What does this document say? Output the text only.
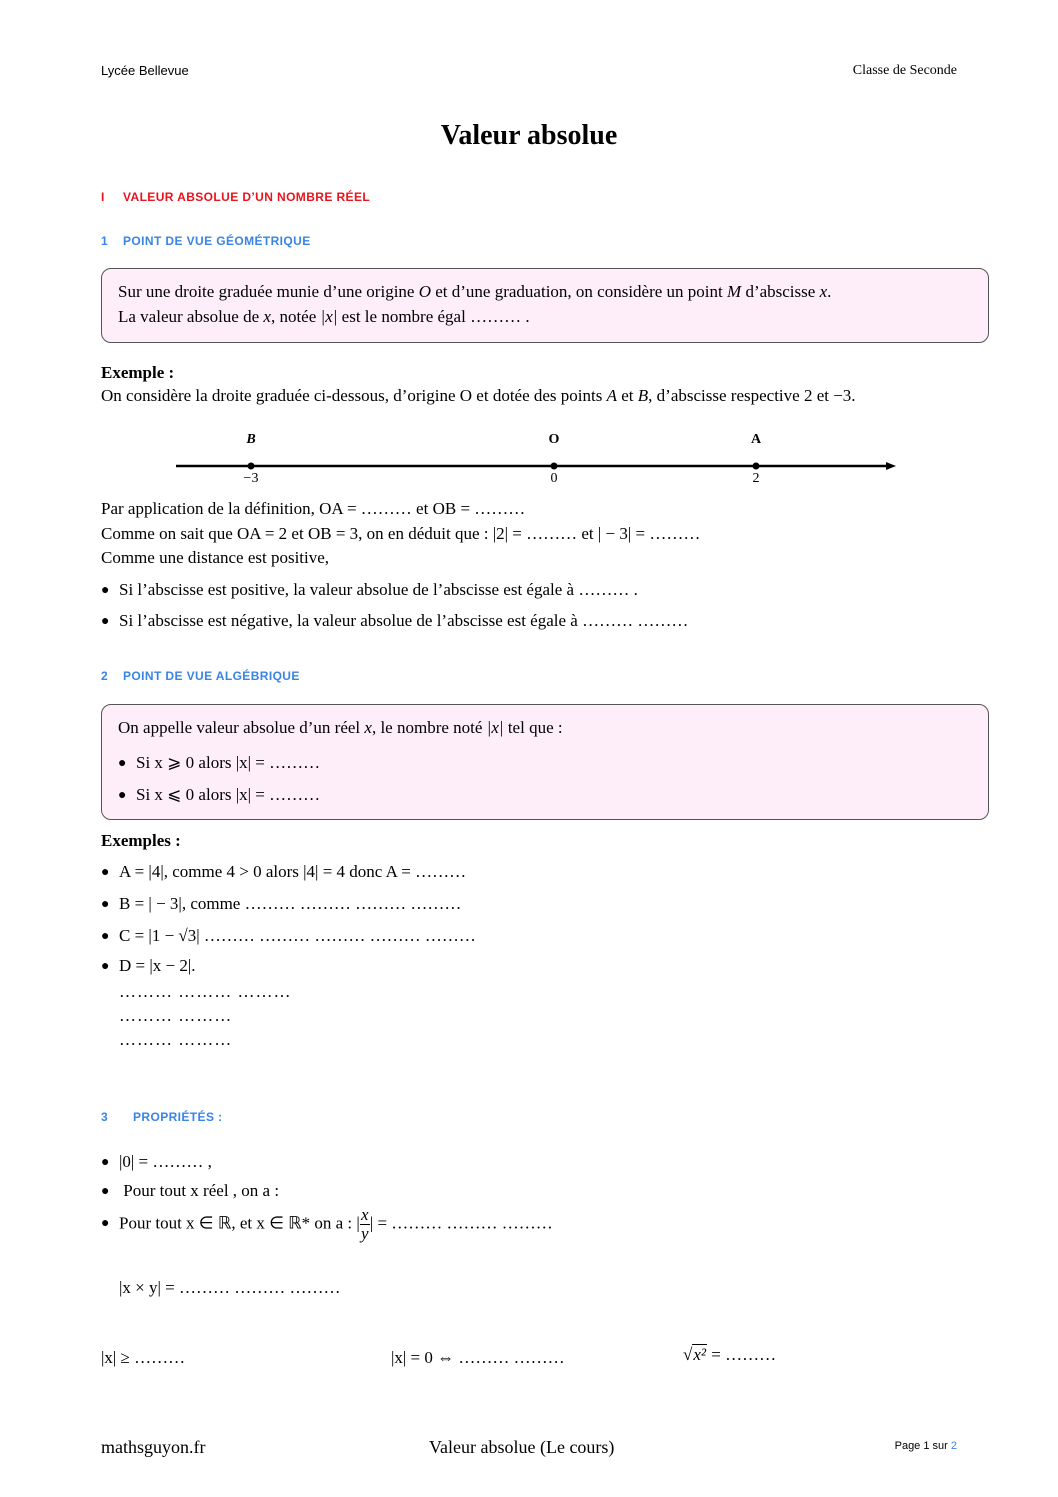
Lycée Bellevue	Classe de Seconde
Valeur absolue
I VALEUR ABSOLUE D’UN NOMBRE RÉEL
1 POINT DE VUE GÉOMÉTRIQUE
Sur une droite graduée munie d’une origine O et d’une graduation, on considère un point M d’abscisse x.
La valeur absolue de x, notée |x| est le nombre égal ……… .
Exemple :
On considère la droite graduée ci-dessous, d’origine O et dotée des points A et B, d’abscisse respective 2 et −3.
B
−3
O
0
A
2
Par application de la définition, OA = ……… et OB = ………
Comme on sait que OA = 2 et OB = 3, on en déduit que : |2| = ……… et | − 3| = ………
Comme une distance est positive,
● Si l’abscisse est positive, la valeur absolue de l’abscisse est égale à ……… .
● Si l’abscisse est négative, la valeur absolue de l’abscisse est égale à ……… ………
2 POINT DE VUE ALGÉBRIQUE
On appelle valeur absolue d’un réel x, le nombre noté |x| tel que :
● Si x ⩾ 0 alors |x| = ………
● Si x ⩽ 0 alors |x| = ………
Exemples :
● A = |4|, comme 4 > 0 alors |4| = 4 donc A = ………
● B = | − 3|, comme ……… ……… ……… ………
● C = |1 − √3| ……… ……… ……… ……… ………
● D = |x − 2|.
……… ……… ………
……… ………
……… ………
3 PROPRIÉTÉS :
● |0| = ……… ,
● Pour tout x réel , on a :
● Pour tout x ∈ ℝ, et x ∈ ℝ* on a : | $\frac{x}{y}$ | = ……… ……… ………
|x × y| = ……… ……… ………
|x| ≥ ………	|x| = 0 ⇔ ……… ………	√x² = ………
mathsguyon.fr	Valeur absolue (Le cours)	Page 1 sur 2
